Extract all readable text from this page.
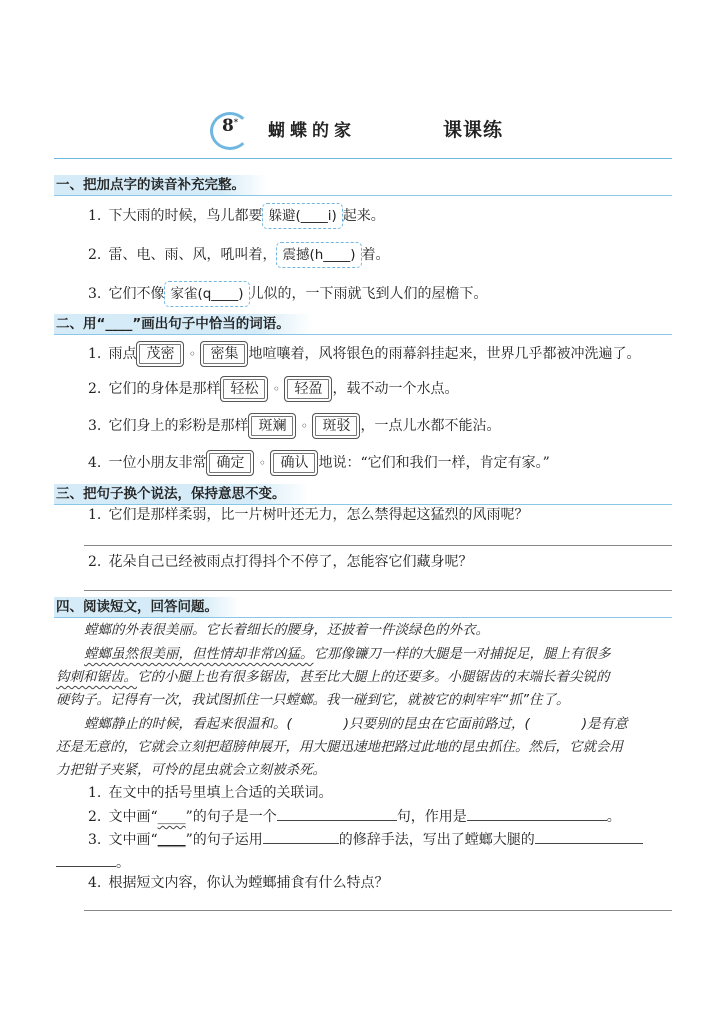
8* 蝴蝶的家	课课练
一、把加点字的读音补充完整。
1. 下大雨的时候，鸟儿都要 躲避(____i) 起来。
2. 雷、电、雨、风，吼叫着， 震撼(h____) 着。
3. 它们不像 家雀(q____) 儿似的，一下雨就飞到人们的屋檐下。
二、用“____”画出句子中恰当的词语。
1. 雨点 茂密	◦	密集 地喧嚷着，风将银色的雨幕斜挂起来，世界几乎都被冲洗遍了。
2. 它们的身体是那样 轻松	◦	轻盈 ，载不动一个水点。
3. 它们身上的彩粉是那样 斑斓	◦	斑驳 ，一点儿水都不能沾。
4. 一位小朋友非常 确定	◦	确认 地说：“它们和我们一样，肯定有家。”
三、把句子换个说法，保持意思不变。
1. 它们是那样柔弱，比一片树叶还无力，怎么禁得起这猛烈的风雨呢？
2. 花朵自己已经被雨点打得抖个不停了，怎能容它们藏身呢？
四、阅读短文，回答问题。
螳螂的外表很美丽。它长着细长的腰身，还披着一件淡绿色的外衣。
螳螂虽然很美丽，但性情却非常凶猛。它那像镰刀一样的大腿是一对捕捉足，腿上有很多
钩刺和锯齿。它的小腿上也有很多锯齿，甚至比大腿上的还要多。小腿锯齿的末端长着尖锐的
硬钩子。记得有一次，我试图抓住一只螳螂。我一碰到它，就被它的刺牢牢“抓”住了。
螳螂静止的时候，看起来很温和。(	)只要别的昆虫在它面前路过，(	)是有意
还是无意的，它就会立刻把超膀伸展开，用大腿迅速地把路过此地的昆虫抓住。然后，它就会用
力把钳子夹紧，可怜的昆虫就会立刻被杀死。
1. 在文中的括号里填上合适的关联词。
2. 文中画“____”的句子是一个	句，作用是	。
3. 文中画“____”的句子运用	的修辞手法，写出了螳螂大腿的
。
4. 根据短文内容，你认为螳螂捕食有什么特点？
